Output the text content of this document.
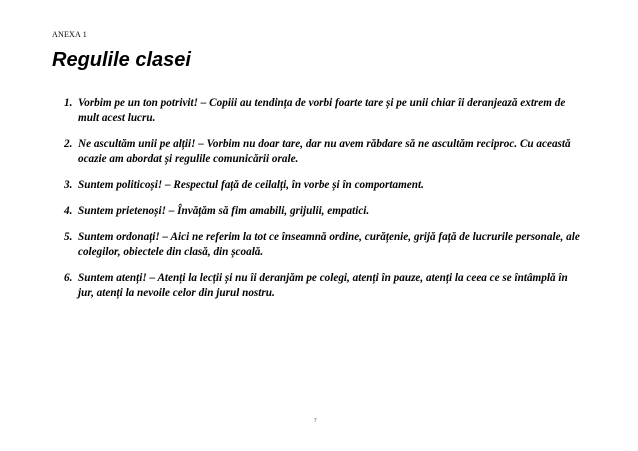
ANEXA 1
Regulile clasei
1. Vorbim pe un ton potrivit! – Copiii au tendința de vorbi foarte tare și pe unii chiar îi deranjează extrem de mult acest lucru.
2. Ne ascultăm unii pe alții! – Vorbim nu doar tare, dar nu avem răbdare să ne ascultăm reciproc. Cu această ocazie am abordat și regulile comunicării orale.
3. Suntem politicoși! – Respectul față de ceilalți, în vorbe și în comportament.
4. Suntem prietenoși! – Învățăm să fim amabili, grijulii, empatici.
5. Suntem ordonați! – Aici ne referim la tot ce înseamnă ordine, curățenie, grijă față de lucrurile personale, ale colegilor, obiectele din clasă, din școală.
6. Suntem atenți! – Atenți la lecții și nu îi deranjăm pe colegi, atenți în pauze, atenți la ceea ce se întâmplă în jur, atenți la nevoile celor din jurul nostru.
7
